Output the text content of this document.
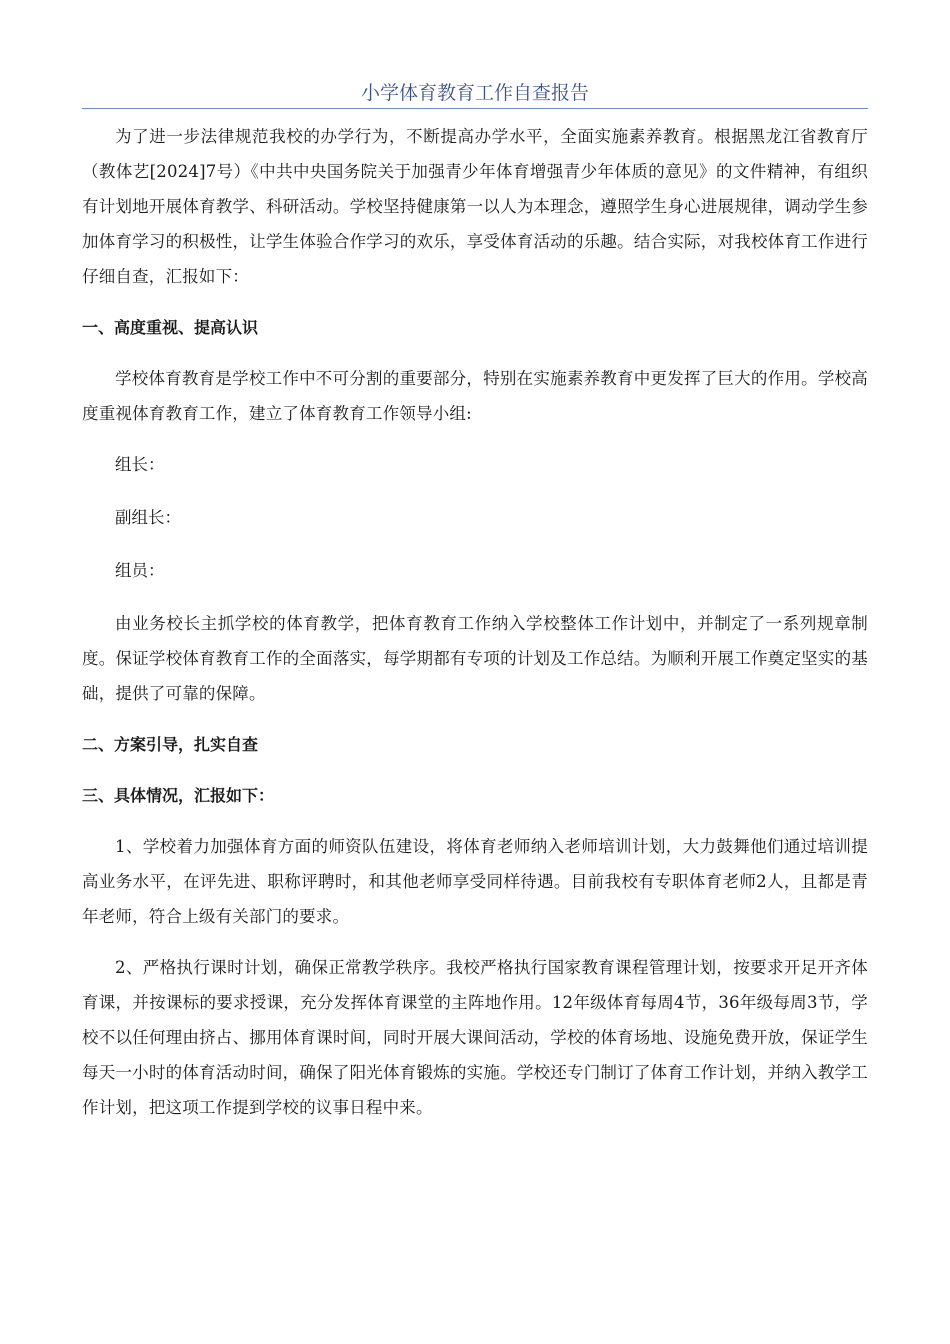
小学体育教育工作自查报告

为了进一步法律规范我校的办学行为，不断提高办学水平，全面实施素养教育。根据黑龙江省教育厅（教体艺[2024]7号）《中共中央国务院关于加强青少年体育增强青少年体质的意见》的文件精神，有组织有计划地开展体育教学、科研活动。学校坚持健康第一以人为本理念，遵照学生身心进展规律，调动学生参加体育学习的积极性，让学生体验合作学习的欢乐，享受体育活动的乐趣。结合实际，对我校体育工作进行仔细自查，汇报如下：

一、高度重视、提高认识

学校体育教育是学校工作中不可分割的重要部分，特别在实施素养教育中更发挥了巨大的作用。学校高度重视体育教育工作，建立了体育教育工作领导小组:

组长：

副组长：

组员：

由业务校长主抓学校的体育教学，把体育教育工作纳入学校整体工作计划中，并制定了一系列规章制度。保证学校体育教育工作的全面落实，每学期都有专项的计划及工作总结。为顺利开展工作奠定坚实的基础，提供了可靠的保障。

二、方案引导，扎实自查
三、具体情况，汇报如下：

1、学校着力加强体育方面的师资队伍建设，将体育老师纳入老师培训计划，大力鼓舞他们通过培训提高业务水平，在评先进、职称评聘时，和其他老师享受同样待遇。目前我校有专职体育老师2人，且都是青年老师，符合上级有关部门的要求。

2、严格执行课时计划，确保正常教学秩序。我校严格执行国家教育课程管理计划，按要求开足开齐体育课，并按课标的要求授课，充分发挥体育课堂的主阵地作用。12年级体育每周4节，36年级每周3节，学校不以任何理由挤占、挪用体育课时间，同时开展大课间活动，学校的体育场地、设施免费开放，保证学生每天一小时的体育活动时间，确保了阳光体育锻炼的实施。学校还专门制订了体育工作计划，并纳入教学工作计划，把这项工作提到学校的议事日程中来。
